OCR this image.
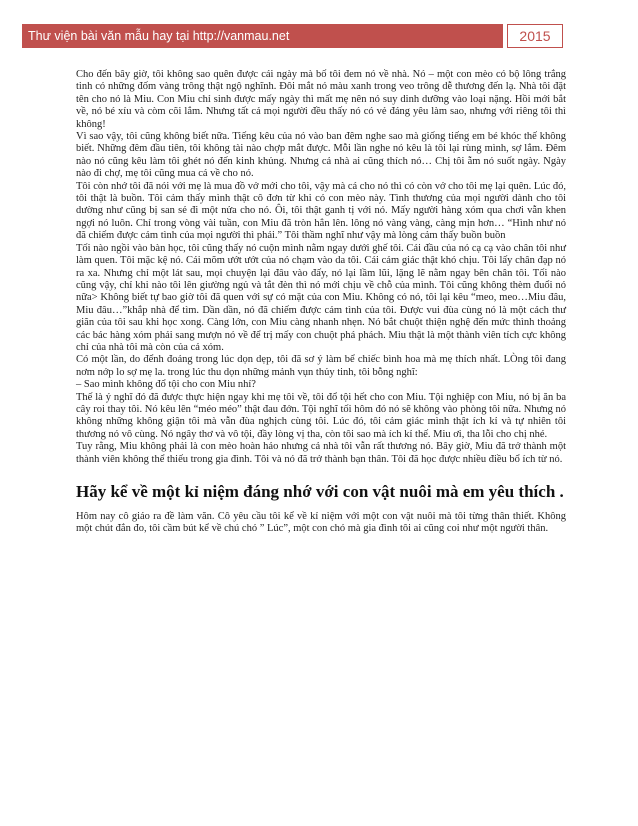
Thư viện bài văn mẫu hay tại http://vanmau.net	2015

Cho đến bây giờ, tôi không sao quên được cái ngày mà bố tôi đem nó về nhà. Nó – một con mèo có bộ lông trắng tinh có những đốm vàng trông thật ngộ nghĩnh. Đôi mắt nó màu xanh trong veo trông dễ thương đến lạ. Nhà tôi đặt tên cho nó là Miu. Con Miu chỉ sinh được mấy ngày thì mất mẹ nên nó suy dinh dưỡng vào loại nặng. Hồi mới bắt về, nó bé xíu và còm cõi lắm. Nhưng tất cả mọi người đều thấy nó có vẻ đáng yêu làm sao, nhưng với riêng tôi thì không!

Vì sao vậy, tôi cũng không biết nữa. Tiếng kêu của nó vào ban đêm nghe sao mà giống tiếng em bé khóc thế không biết. Những đêm đầu tiên, tôi không tài nào chợp mắt được. Mỗi lần nghe nó kêu là tôi lại rùng mình, sợ lắm. Đêm nào nó cũng kêu làm tôi ghét nó đến kinh khủng. Nhưng cả nhà ai cũng thích nó… Chị tôi ẵm nó suốt ngày. Ngày nào đi chợ, mẹ tôi cũng mua cá về cho nó.

Tôi còn nhớ tôi đã nói với mẹ là mua đồ vở mới cho tôi, vậy mà cá cho nó thì có còn vở cho tôi mẹ lại quên. Lúc đó, tôi thật là buồn. Tôi cảm thấy mình thật cô đơn từ khi có con mèo này. Tình thương của mọi người dành cho tôi dường như cũng bị san sẻ đi một nửa cho nó. Ôi, tôi thật ganh tị với nó. Mấy người hàng xóm qua chơi vẫn khen ngợi nó luôn. Chỉ trong vòng vài tuần, con Miu đã tròn hẳn lên. lông nó vàng vàng, càng mịn hơn… “Hình như nó đã chiếm được cảm tình của mọi người thì phải.” Tôi thầm nghĩ như vậy mà lòng cảm thấy buồn buồn

Tối nào ngồi vào bàn học, tôi cũng thấy nó cuộn mình nằm ngay dưới ghế tôi. Cái đầu của nó cạ cạ vào chân tôi như làm quen. Tôi mặc kệ nó. Cái mõm ướt ướt của nó chạm vào da tôi. Cái cảm giác thật khó chịu. Tôi lấy chân đạp nó ra xa. Nhưng chỉ một lát sau, mọi chuyện lại đâu vào đấy, nó lại lầm lũi, lặng lẽ nằm ngay bên chân tôi. Tối nào cũng vậy, chỉ khi nào tôi lên giường ngủ và tắt đèn thì nó mới chịu về chỗ của mình. Tôi cũng không thèm đuổi nó nữa> Không biết tự bao giờ tôi đã quen với sự có mặt của con Miu. Không có nó, tôi lại kêu “meo, meo…Miu đâu, Miu đâu…”khắp nhà để tìm. Dần dần, nó đã chiếm được cảm tình của tôi. Được vui đùa cùng nó là một cách thư giãn của tôi sau khi học xong. Càng lớn, con Miu càng nhanh nhẹn. Nó bắt chuột thiện nghệ đến mức thình thoảng các bác hàng xóm phải sang mượn nó về để trị mấy con chuột phá phách. Miu thật là một thành viên tích cực không chỉ của nhà tôi mà còn của cả xóm.

Có một lần, do đểnh đoảng trong lúc dọn dẹp, tôi đã sơ ý làm bể chiếc bình hoa mà mẹ thích nhất. LÒng tôi đang nơm nớp lo sợ mẹ la. trong lúc thu dọn những mảnh vụn thủy tinh, tôi bỗng nghĩ:

– Sao mình không đổ tội cho con Miu nhỉ?

Thế là ý nghĩ đó đã được thực hiện ngay khi mẹ tôi về, tôi đổ tội hết cho con Miu. Tội nghiệp con Miu, nó bị ăn ba cây roi thay tôi. Nó kêu lên “méo méo” thật đau đớn. Tội nghĩ tối hôm đó nó sẽ không vào phòng tôi nữa. Nhưng nó không những không giận tôi mà vẫn đùa nghịch cùng tôi. Lúc đó, tôi cảm giác mình thật ích kỉ và tự nhiên tôi thương nó vô cùng. Nó ngây thơ và vô tội, đầy lòng vị tha, còn tôi sao mà ích kỉ thế. Miu ơi, tha lỗi cho chị nhé.

Tuy rằng, Miu không phải là con mèo hoàn hảo nhưng cả nhà tôi vẫn rất thương nó. Bây giờ, Miu đã trở thành một thành viên không thể thiếu trong gia đình. Tôi và nó đã trở thành bạn thân. Tôi đã học được nhiều điều bổ ích từ nó.

Hãy kể về một kỉ niệm đáng nhớ với con vật nuôi mà em yêu thích .

Hôm nay cô giáo ra đề làm văn. Cô yêu cầu tôi kể về kỉ niệm với một con vật nuôi mà tôi từng thân thiết. Không một chút đắn đo, tôi cầm bút kể về chú chó ” Lúc”, một con chó mà gia đình tôi ai cũng coi như một người thân.
